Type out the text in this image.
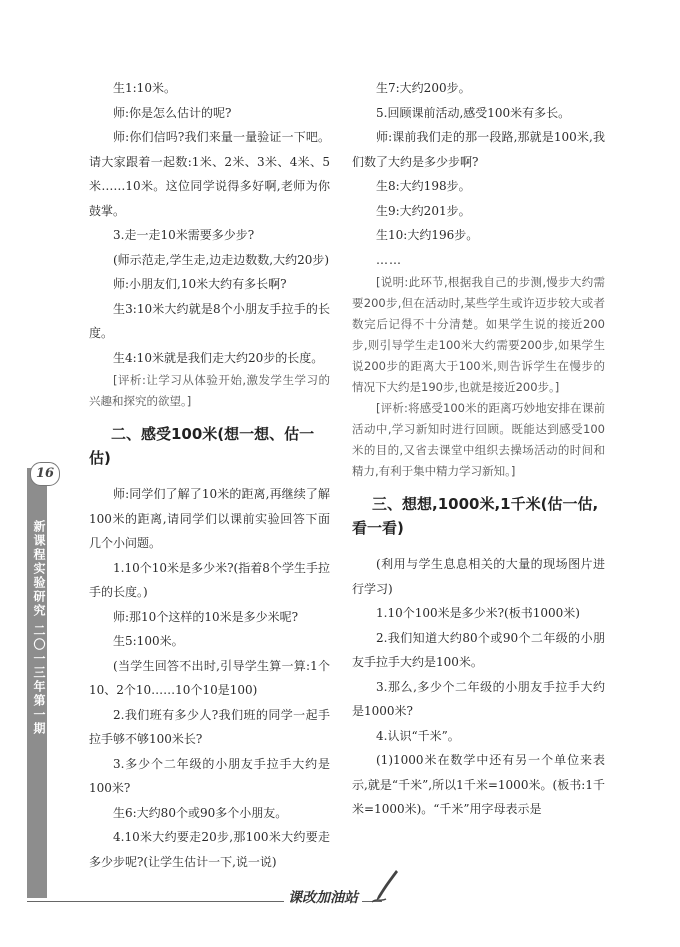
16
新课程实验研究 二〇一三年第一期

生1:10米。

师:你是怎么估计的呢?

师:你们信吗?我们来量一量验证一下吧。请大家跟着一起数:1米、2米、3米、4米、5米……10米。这位同学说得多好啊,老师为你鼓掌。

3.走一走10米需要多少步?

(师示范走,学生走,边走边数数,大约20步)

师:小朋友们,10米大约有多长啊?

生3:10米大约就是8个小朋友手拉手的长度。

生4:10米就是我们走大约20步的长度。

[评析:让学习从体验开始,激发学生学习的兴趣和探究的欲望。]

二、感受100米(想一想、估一估)

师:同学们了解了10米的距离,再继续了解100米的距离,请同学们以课前实验回答下面几个小问题。

1.10个10米是多少米?(指着8个学生手拉手的长度。)

师:那10个这样的10米是多少米呢?

生5:100米。

(当学生回答不出时,引导学生算一算:1个10、2个10……10个10是100)

2.我们班有多少人?我们班的同学一起手拉手够不够100米长?

3.多少个二年级的小朋友手拉手大约是100米?

生6:大约80个或90多个小朋友。

4.10米大约要走20步,那100米大约要走多少步呢?(让学生估计一下,说一说)

生7:大约200步。

5.回顾课前活动,感受100米有多长。

师:课前我们走的那一段路,那就是100米,我们数了大约是多少步啊?

生8:大约198步。

生9:大约201步。

生10:大约196步。

……

[说明:此环节,根据我自己的步测,慢步大约需要200步,但在活动时,某些学生或许迈步较大或者数完后记得不十分清楚。如果学生说的接近200步,则引导学生走100米大约需要200步,如果学生说200步的距离大于100米,则告诉学生在慢步的情况下大约是190步,也就是接近200步。]

[评析:将感受100米的距离巧妙地安排在课前活动中,学习新知时进行回顾。既能达到感受100米的目的,又省去课堂中组织去操场活动的时间和精力,有利于集中精力学习新知。]

三、想想,1000米,1千米(估一估,看一看)

(利用与学生息息相关的大量的现场图片进行学习)

1.10个100米是多少米?(板书1000米)

2.我们知道大约80个或90个二年级的小朋友手拉手大约是100米。

3.那么,多少个二年级的小朋友手拉手大约是1000米?

4.认识“千米”。

(1)1000米在数学中还有另一个单位来表示,就是“千米”,所以1千米=1000米。(板书:1千米=1000米)。“千米”用字母表示是

课改加油站
